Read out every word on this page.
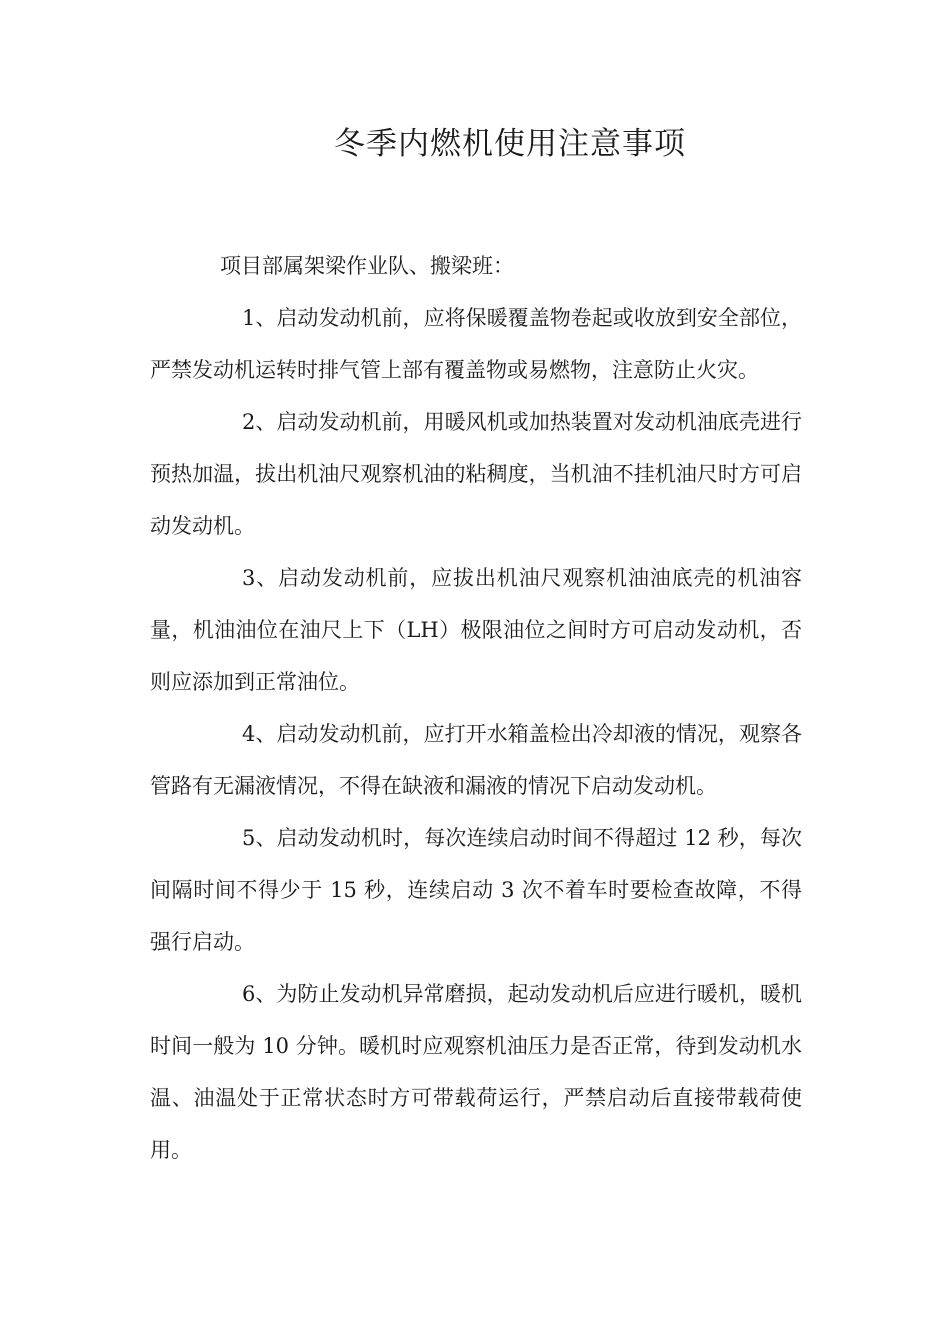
冬季内燃机使用注意事项

项目部属架梁作业队、搬梁班：

1、启动发动机前，应将保暖覆盖物卷起或收放到安全部位，严禁发动机运转时排气管上部有覆盖物或易燃物，注意防止火灾。

2、启动发动机前，用暖风机或加热装置对发动机油底壳进行预热加温，拔出机油尺观察机油的粘稠度，当机油不挂机油尺时方可启动发动机。

3、启动发动机前，应拔出机油尺观察机油油底壳的机油容量，机油油位在油尺上下（LH）极限油位之间时方可启动发动机，否则应添加到正常油位。

4、启动发动机前，应打开水箱盖检出冷却液的情况，观察各管路有无漏液情况，不得在缺液和漏液的情况下启动发动机。

5、启动发动机时，每次连续启动时间不得超过 12 秒，每次间隔时间不得少于 15 秒，连续启动 3 次不着车时要检查故障，不得强行启动。

6、为防止发动机异常磨损，起动发动机后应进行暖机，暖机时间一般为 10 分钟。暖机时应观察机油压力是否正常，待到发动机水温、油温处于正常状态时方可带载荷运行，严禁启动后直接带载荷使用。
